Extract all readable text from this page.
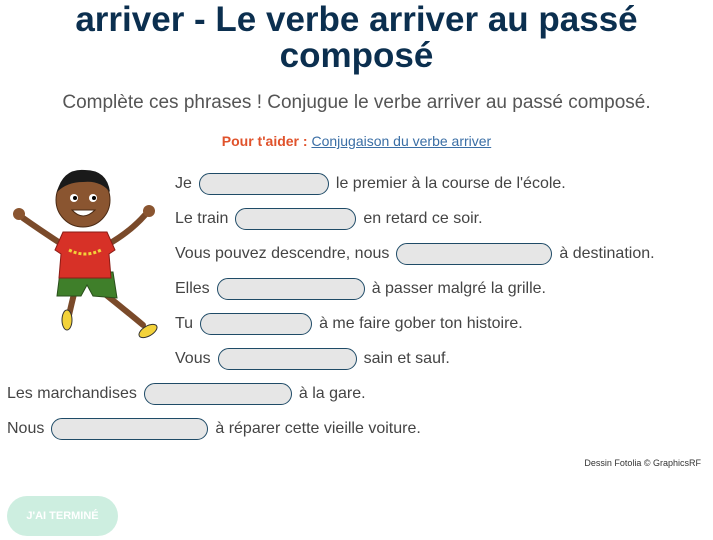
arriver - Le verbe arriver au passé composé
Complète ces phrases ! Conjugue le verbe arriver au passé composé.
Pour t'aider : Conjugaison du verbe arriver
Je	le premier à la course de l'école.
Le train	en retard ce soir.
Vous pouvez descendre, nous	à destination.
Elles	à passer malgré la grille.
Tu	à me faire gober ton histoire.
Vous	sain et sauf.
Les marchandises	à la gare.
Nous	à réparer cette vieille voiture.
Dessin Fotolia © GraphicsRF
J'AI TERMINÉ
